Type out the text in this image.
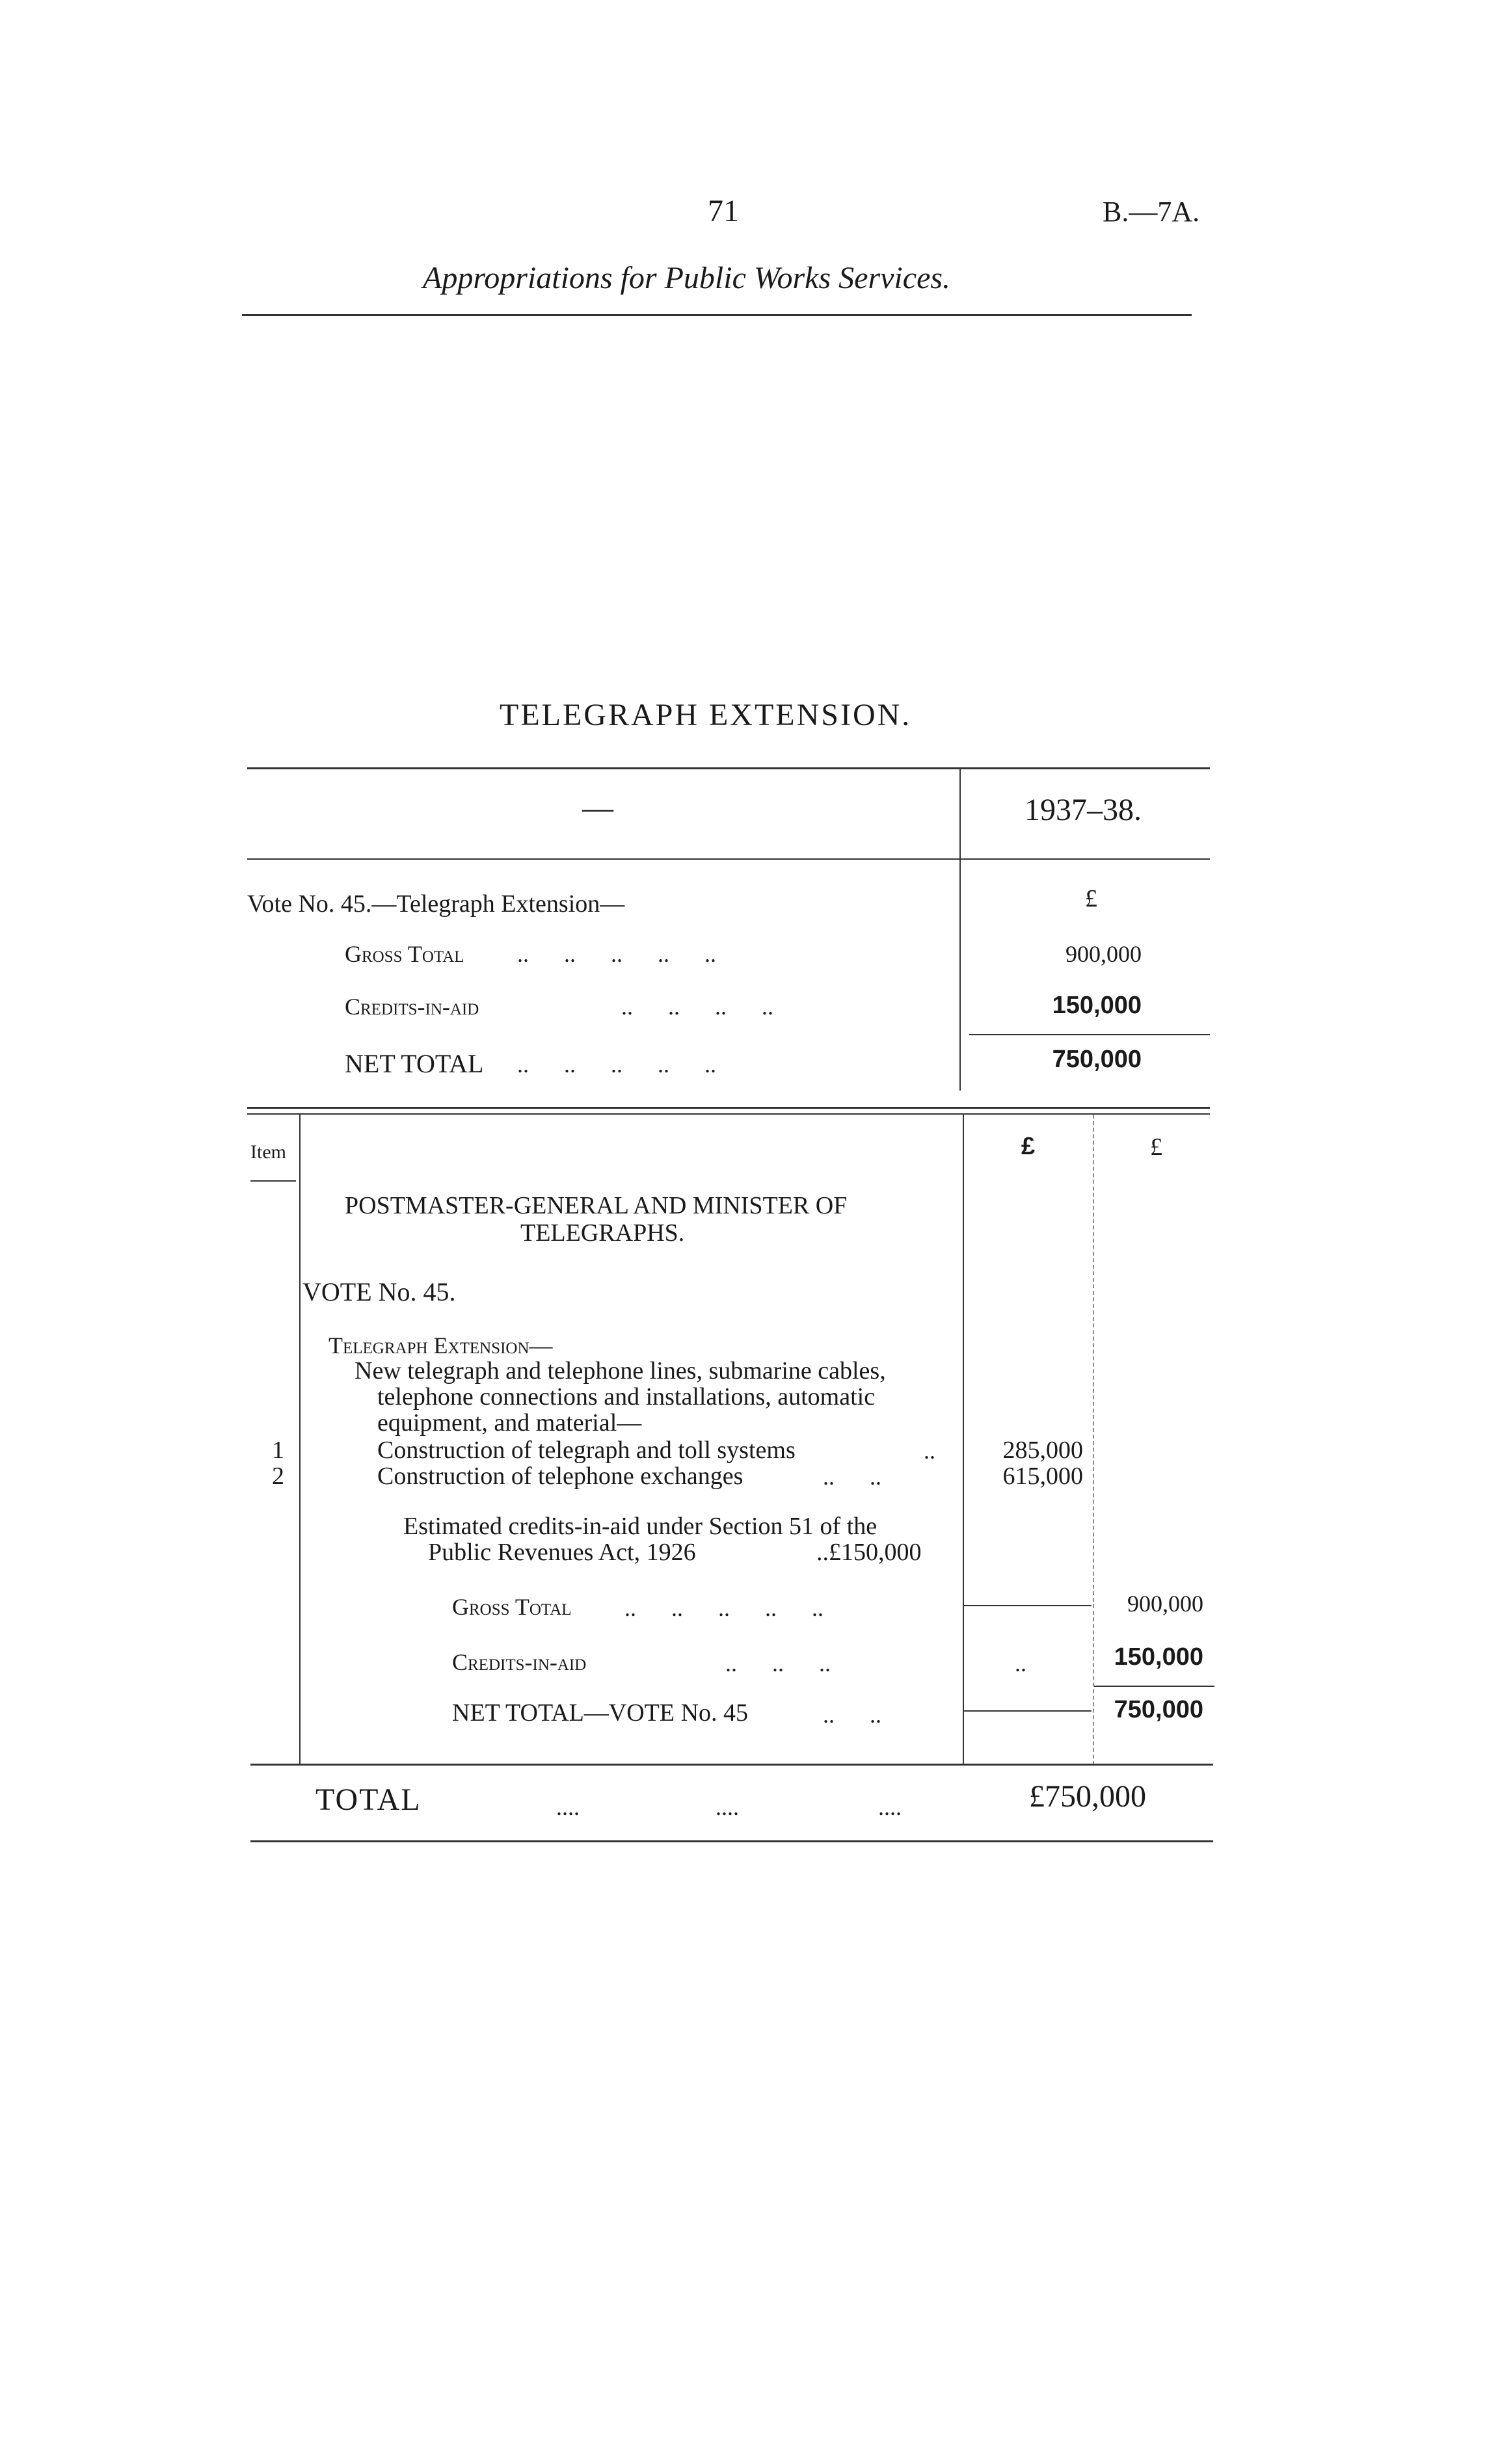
71	B.—7A.
Appropriations for Public Works Services.
TELEGRAPH EXTENSION.
—	1937–38.
Vote No. 45.—Telegraph Extension—	£
Gross Total ..      ..      ..      ..      ..	900,000
Credits-in-aid	..      ..      ..      ..	150,000
NET TOTAL ..      ..      ..      ..      ..	750,000
Item	£	£
POSTMASTER-GENERAL AND MINISTER OF
TELEGRAPHS.
VOTE No. 45.
Telegraph Extension—
New telegraph and telephone lines, submarine cables,
telephone connections and installations, automatic
equipment, and material—
1	Construction of telegraph and toll systems	..	285,000
2	Construction of telephone exchanges	..      ..	615,000
Estimated credits-in-aid under Section 51 of the
Public Revenues Act, 1926	..£150,000
Gross Total ..      ..      ..      ..      ..	900,000
Credits-in-aid	..      ..      ..	..	150,000
NET TOTAL—VOTE No. 45	..      ..	750,000
TOTAL	....	....	....	£750,000
